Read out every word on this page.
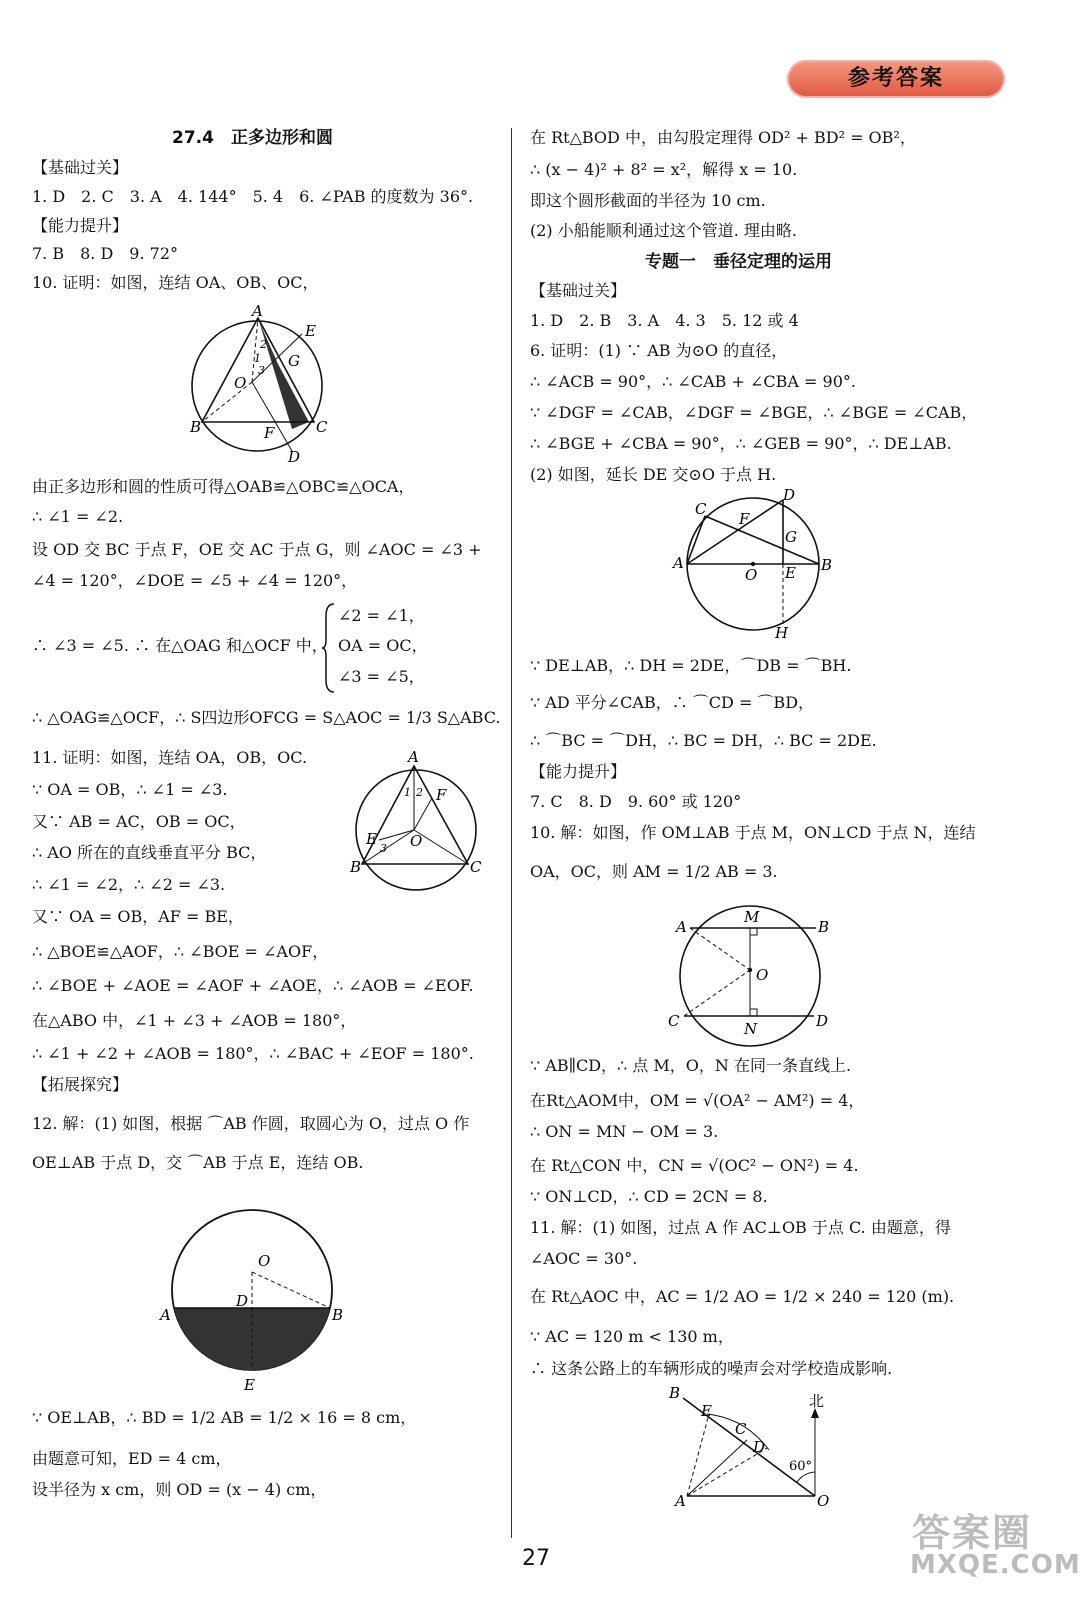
参考答案
27.4　正多边形和圆
【基础过关】
1. D　2. C　3. A　4. 144°　5. 4　6. ∠PAB 的度数为 36°.
【能力提升】
7. B　8. D　9. 72°
10. 证明：如图，连结 OA、OB、OC，
A
E
G
O
B	C
F
D
1
2
3
4
5
由正多边形和圆的性质可得△OAB≌△OBC≌△OCA，
∴ ∠1 = ∠2.
设 OD 交 BC 于点 F，OE 交 AC 于点 G，则 ∠AOC = ∠3 +
∠4 = 120°，∠DOE = ∠5 + ∠4 = 120°，
∠2 = ∠1，
∴ ∠3 = ∠5. ∴ 在△OAG 和△OCF 中， OA = OC，
∠3 = ∠5，
∴ △OAG≌△OCF，∴ S四边形OFCG = S△AOC = 1/3 S△ABC.
11. 证明：如图，连结 OA，OB，OC.
∵ OA = OB，∴ ∠1 = ∠3.
又∵ AB = AC，OB = OC，
∴ AO 所在的直线垂直平分 BC，
∴ ∠1 = ∠2，∴ ∠2 = ∠3.
又∵ OA = OB，AF = BE，
∴ △BOE≌△AOF，∴ ∠BOE = ∠AOF，
∴ ∠BOE + ∠AOE = ∠AOF + ∠AOE，∴ ∠AOB = ∠EOF.
在△ABO 中，∠1 + ∠3 + ∠AOB = 180°，
∴ ∠1 + ∠2 + ∠AOB = 180°，∴ ∠BAC + ∠EOF = 180°.
A
1 2
E
3 O
F
B	C
【拓展探究】
12. 解：(1) 如图，根据 ⌒AB 作圆，取圆心为 O，过点 O 作
OE⊥AB 于点 D，交 ⌒AB 于点 E，连结 OB.
O
D
A	B
E
∵ OE⊥AB，∴ BD = 1/2 AB = 1/2 × 16 = 8 cm，
由题意可知，ED = 4 cm，
设半径为 x cm，则 OD = (x − 4) cm，
在 Rt△BOD 中，由勾股定理得 OD² + BD² = OB²，
∴ (x − 4)² + 8² = x²，解得 x = 10.
即这个圆形截面的半径为 10 cm.
(2) 小船能顺利通过这个管道. 理由略.
专题一　垂径定理的运用
【基础过关】
1. D　2. B　3. A　4. 3　5. 12 或 4
6. 证明：(1) ∵ AB 为⊙O 的直径，
∴ ∠ACB = 90°，∴ ∠CAB + ∠CBA = 90°.
∵ ∠DGF = ∠CAB，∠DGF = ∠BGE，∴ ∠BGE = ∠CAB，
∴ ∠BGE + ∠CBA = 90°，∴ ∠GEB = 90°，∴ DE⊥AB.
(2) 如图，延长 DE 交⊙O 于点 H.
D
C
F
G
A
O E B
H
∵ DE⊥AB，∴ DH = 2DE，⌒DB = ⌒BH.
∵ AD 平分∠CAB，∴ ⌒CD = ⌒BD，
∴ ⌒BC = ⌒DH，∴ BC = DH，∴ BC = 2DE.
【能力提升】
7. C　8. D　9. 60° 或 120°
10. 解：如图，作 OM⊥AB 于点 M，ON⊥CD 于点 N，连结
OA，OC，则 AM = 1/2 AB = 3.
A
M
B
O
C	N	D
∵ AB∥CD，∴ 点 M，O，N 在同一条直线上.
在Rt△AOM中，OM = √(OA² − AM²) = 4，
∴ ON = MN − OM = 3.
在 Rt△CON 中，CN = √(OC² − ON²) = 4.
∵ ON⊥CD，∴ CD = 2CN = 8.
11. 解：(1) 如图，过点 A 作 AC⊥OB 于点 C. 由题意，得
∠AOC = 30°.
在 Rt△AOC 中，AC = 1/2 AO = 1/2 × 240 = 120 (m).
∵ AC = 120 m < 130 m，
∴ 这条公路上的车辆形成的噪声会对学校造成影响.
B
E
C
D
北
60°
A	O
27
答案圈
MXQE.COM
